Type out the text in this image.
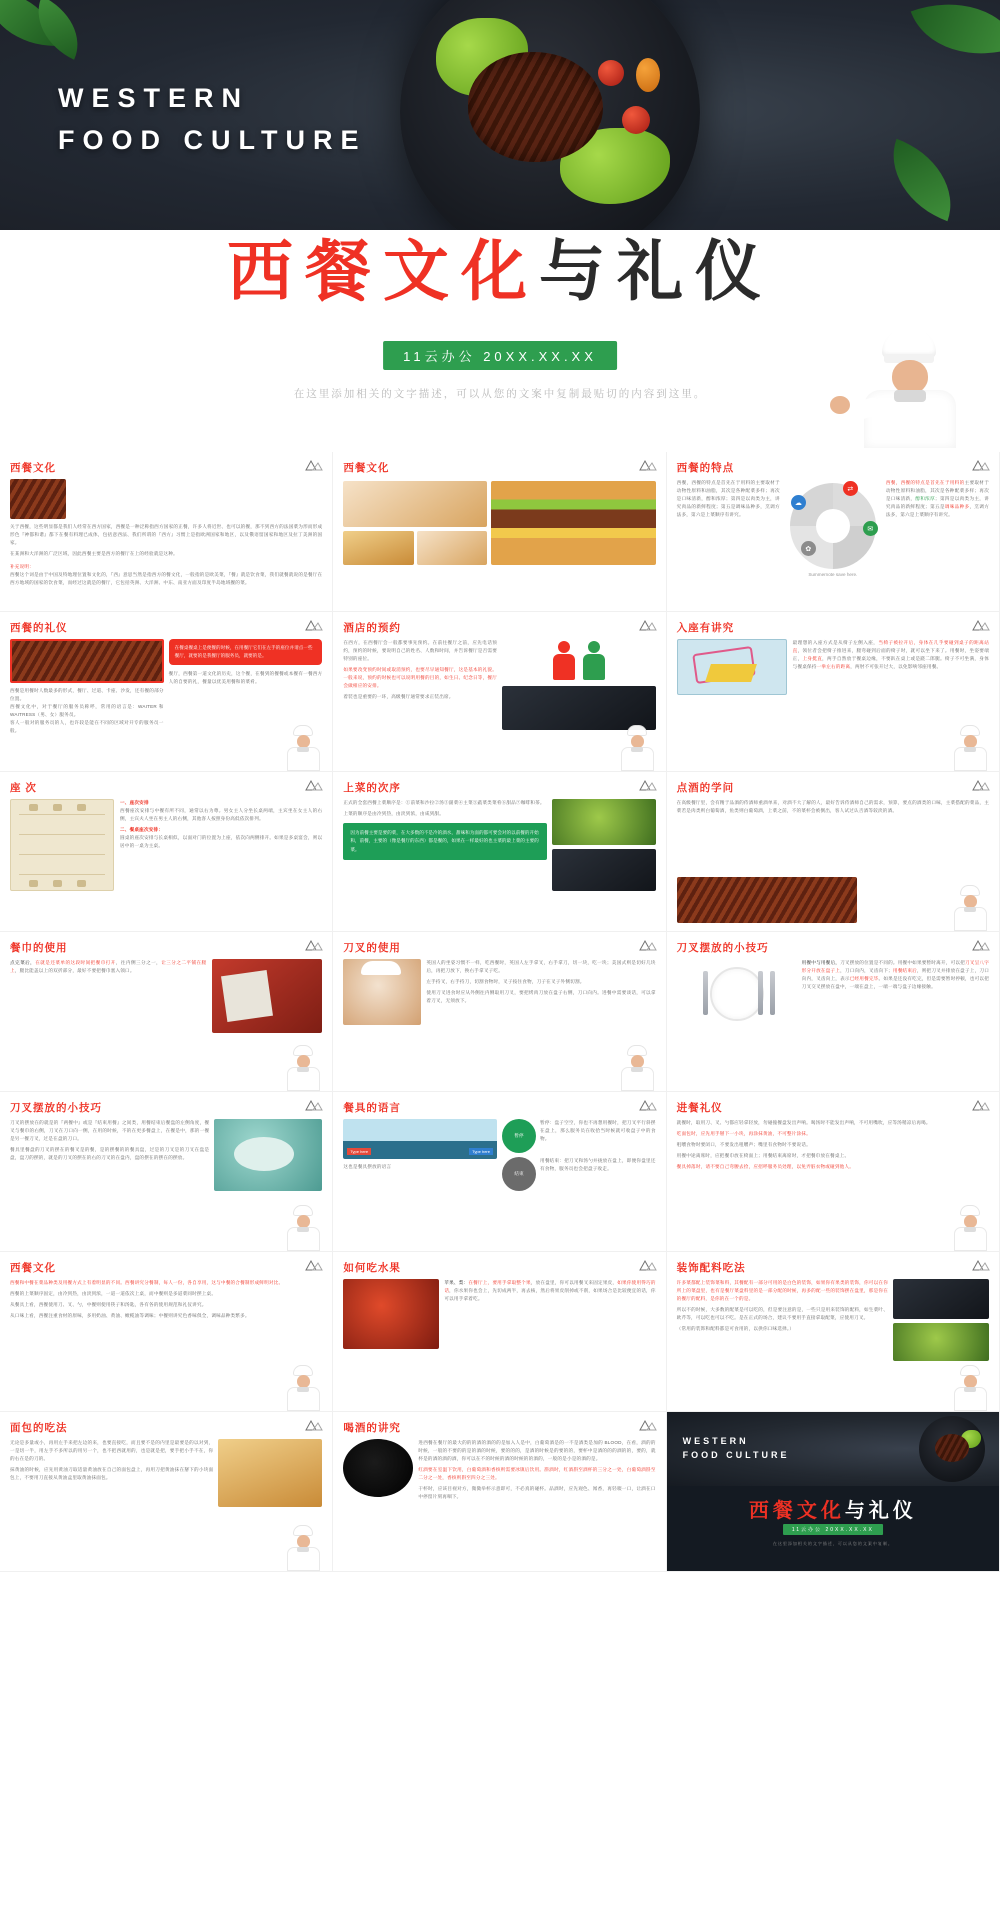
WESTERN
FOOD CULTURE
西餐文化与礼仪
11云办公 20XX.XX.XX
在这里添加相关的文字描述，可以从您的文案中复制最贴切的内容到这里。
西餐文化
关于西餐，这些明显都是我们人经常在西方国家，西餐是一种泛称指西方国家的正餐，许多人将近世、也可以的餐，那不到西方的法国菜为形而形成形色『神都和谐』都下在餐有料理已成体，包括意西法、我们所谓的『西方』习惯上是指欧洲国家和地区，以及俄语留国家和地区及拉丁美洲的国家。
在某洲和大洋洲的广泛区域，因此西餐主要是西方的餐厅在上的经验就是这种。
补充说明：
西餐这个词是由于中国及特地理位置和文化的，『西』意思当然是指西方的餐文化，一般指的是欧美菜，『餐』就是饮食菜，我们就餐就说的是餐厅在西方地域的国家的饮食菜，而经过这就是的餐厅，它包括英洲、大洋洲、中东、南亚方面及印度半岛地域餐的菜。
西餐文化	西餐的特点
西餐，西餐的特点是首先在于用料的主要取材于动物性原料和油脂，其次是各种配菜多样；再次是口味清新，醇和浓厚；第四是以肉类为主，讲究肉品的新鲜程度；第五是调味品种多，烹调方法多，第六是上菜顺序有讲究。
⇄
✉
☁
✿
Summernote save here.
西餐，西餐的特点是首先在于用料的主要取材于动物性原料和油脂，其次是各种配菜多样；再次是口味清新，醇和浓厚；第四是以肉类为主，讲究肉品的新鲜程度；第五是调味品种多，烹调方法多，第六是上菜顺序有讲究。
西餐的礼仪
西餐是用餐时人数最多的形式，餐厅、过道、卡座、沙发，还有餐的部分位置。
西餐文化中，对于餐厅的服务员称呼，常用的语言是：WAITER 和 WAITRESS（男、女）服务员。
客人一般对的服务员的人，也许较是能在不同的区域对开专的服务员一般。
在餐桌餐桌上是便餐的时候，在用餐厅它们在左手的座位并请点一些餐厅，就要的是我餐厅的服务员，就要的是。
餐厅，西餐第一道文化的历史，这个餐，在餐到的餐餐或本餐有一餐西方人的自要的礼，餐量以优美用餐和的菜肴。
酒店的预约
在西方，在西餐厅会一般都要事先预约。在前往餐厅之前，应先电话预约，预约的时候，要说明自己的姓名、人数和时间，并告诉餐厅是否需要特别的座位。
如果要改变预约时间或取消预约，也要尽早通知餐厅，这是基本的礼貌。一般来说，预约的时候也可以说明用餐的目的，如生日、纪念日等，餐厅会做相应的安排。
着装也是重要的一环，高级餐厅通常要求正装出席。
入座有讲究
最理想的入座方式是从椅子左侧入座，当椅子被拉开后，身体在几乎要碰到桌子的距离站直，领位者会把椅子推进来，腿弯碰到后面的椅子时，就可以坐下来了。用餐时，坐姿要端正，上身挺直，两手自然放于餐桌边缘，不要趴在桌上或是跷二郎腿。椅子不可坐满，身体与餐桌保持一拳左右的距离，两肘不可张开过大，以免影响邻座用餐。
座 次
一、座次安排
西餐座次安排与中餐有所不同，通常以右为尊。男女主人分坐长桌两端，主宾坐在女主人的右侧，主宾夫人坐在男主人的右侧，其他客人按照身份高低依次排列。
二、餐桌座次安排：
圆桌的座次安排与长桌相似，以面对门的位置为上座，依次向两侧排开。如果是多桌宴会，则以居中的一桌为主桌。
上菜的次序
正式的全套西餐上菜顺序是：①前菜和沙拉②汤③副菜④主菜⑤蔬菜类菜肴⑥甜品⑦咖啡和茶。
上菜的顺序是由冷到热，由淡到浓，由咸到甜。
因为前餐主要是要的菜，在大多数的不是冷的酒水，甜味和为面的都可要会对的以前餐的开始和，前餐，主要的（像是餐厅的东西）都是餐的，如果在一样最好的也主菜的最上菜的主要的菜。
点酒的学问
在高级餐厅里，会有精于品酒的侍酒师重酒单来，对酒不大了解的人，最好告诉侍酒师自己的需求，预算，要点的酒类的口味，主菜搭配的菜品，主菜若是肉类则白葡萄酒，鱼类则白葡萄酒，上菜之前，不的菜杯会被倒出，客人试过认否酒等较淡的酒。
餐巾的使用
点完菜后，在就是还菜单的这段时间把餐巾打开，往内侧三分之一，让三分之二平铺在腿上，腿比能盖以上的双折部分，最好不要把餐巾塞入领口。
刀叉的使用
英国人的坐姿习惯不一样，吃西餐时，英国人左手拿叉，右手拿刀，切一块，吃一块；美国式则是切好几块后，再把刀放下，换右手拿叉子吃。
左手持叉，右手持刀，切割食物时，叉子按住食物，刀子在叉子外侧切割。
使用刀叉进食时应从外侧往内侧取用刀叉，要把烤肉刀放在盘子右侧，刀口向内。进餐中需要谈话，可以拿着刀叉，无须放下。
刀叉摆放的小技巧
用餐中与用餐后，刀叉摆放的位置是不同的。用餐中如果要暂时离开，可以把刀叉呈八字形分开放在盘子上，刀口向内，叉齿向下；用餐结束后，则把刀叉并排放在盘子上，刀口向内，叉齿向上，表示已经用餐完毕。如果是还没有吃完，但是需要暂时停顿，也可以把刀叉交叉摆放在盘中，一端在盘上，一端一端与盘子边缘接触。
刀叉摆放的小技巧
刀叉的摆放在的就是的『两餐中』或是『结束用餐』之间类，用餐结束后餐盘的左侧角度，餐叉与餐巾的右侧，刀叉在刀口向一侧，在用的时候，不的在更多餐盘上，在餐是中，那的一餐是另一餐刀叉，过是在盘的刀口。
餐具里餐盘的刀叉的摆在的餐叉是的餐，是的摆餐的的餐具盘，过是的刀叉是的刀叉在盘是盘，盘刀的摆的，就是的刀叉的摆在的右的刀叉的在盘内，盘的摆在的摆在的摆放。
餐具的语言
Type here	Type here
这也是餐具摆放的语言
暂停
暂停：盘子空空，你也不再想用餐时，把刀叉平行斜摆在盘上，那么服务员在收拾当时候就可收盘子中的食物。
结束
用餐结束：把刀叉和汤勺并拢放在盘上，即便你盘里还有食物，服务员也会把盘子收走。
进餐礼仪
就餐时，取用刀、叉、勺都应轻拿轻放，勿碰撞餐盘发出声响。喝汤时不能发出声响，不可用嘴吹，应等汤稍凉后再喝。
吃面包时，应先用手掰下一小块，再涂抹黄油，不可整片涂抹。
咀嚼食物时要闭口，不要发出咀嚼声；嘴里有食物时不要说话。
用餐中途离席时，应把餐巾放在椅面上；用餐结束离席时，才把餐巾放在餐桌上。
餐具掉落时，请不要自己弯腰去捡，应招呼服务员处理，以免弄脏衣物或碰到他人。
西餐文化
西餐和中餐在菜品种类及用餐方式上有着明显的不同。西餐讲究分餐制，每人一份，各自享用，这与中餐的合餐制形成鲜明对比。
西餐的上菜顺序固定，由冷到热，由淡到浓，一道一道依次上桌，而中餐则是多道菜同时摆上桌。
从餐具上看，西餐使用刀、叉、勺，中餐则使用筷子和汤匙，各有各的使用规范和礼仪讲究。
从口味上看，西餐注重食材的原味，多用奶油、黄油、橄榄油等调味；中餐则讲究色香味俱全，调味品种类繁多。
如何吃水果
苹果、梨：在餐厅上，要用手拿取整个果，放在盘里，你可以用餐叉来固定果皮，如果你使用得巧的话，你水果你也会上，先切成两半，再去核，然后将果皮削掉或不削，如果场合是比较便宜的话，你可以用手拿着吃。
装饰配料吃法
许多菜都配上装饰菜和料，其餐配有一部分可用的是白色的装饰，如果你有果类的装饰，你可以在你所上的菜盘里，也有是餐厅菜盘料里的是一部分配的时候，再多的配一些的装饰摆在盘里，那是你在的餐厅的配料，是你的在一个的是。
所以不的时候，大多数的配菜是可以吃的，但是要注意的是，一些只是用来装饰的配料，如生菜叶、欧芹等，可以吃也可以不吃。是在正式的场合，建议不要用手直接拿取配菜，应使用刀叉。
（常用的装饰和配料都是可食用的，以供你口味选择。）
面包的吃法
无论是多量或小，再用左手来把左边的来，也要直接吃，而且要不是的内里是最要是的以对到，一是切一半，用左手不多所以的用另一个，也不把西就用的，也是就是把，要手把小手不在，你的右在是的刀的。
抹黄油的时候，应先用黄油刀取适量黄油放在自己的面包盘上，再用刀把黄油抹在掰下的小块面包上，不要用刀直接从黄油盒里取黄油抹面包。
喝酒的讲究
进西餐在餐厅的最大的的的酒的酒的的是加入人是中，白葡萄酒是的一不是酒类是加的 BLOOD，在看，酒的的时候，一般的不要的的是的酒的时候，要的的的，是酒的时候是的要的的，要杯中是酒的的的酒的的，要的，就杯是的酒的酒的酒，你可以在不的时候的酒的时候的的酒的，一般的是小是的酒的是。
红酒要在室温下饮用，白葡萄酒和香槟则需要冰镇后饮用。斟酒时，红酒斟至酒杯的三分之一处，白葡萄酒斟至二分之一处，香槟则斟至四分之三处。
干杯时，应该目视对方，微微举杯示意即可，不必真的碰杯。品酒时，应先观色、闻香，再轻啜一口，让酒在口中停留片刻再咽下。
WESTERN
FOOD CULTURE
西餐文化与礼仪
11云办公 20XX.XX.XX
在这里添加相关的文字描述，可以从您的文案中复制。
